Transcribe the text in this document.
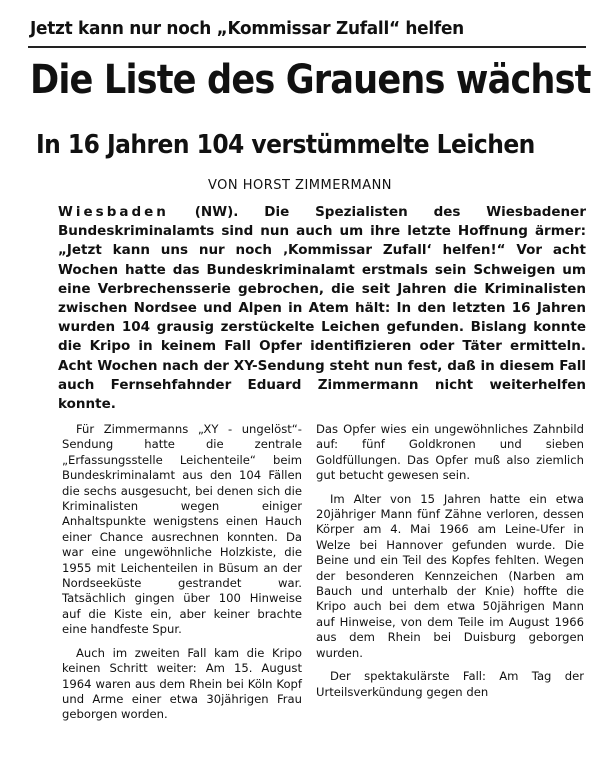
Jetzt kann nur noch „Kommissar Zufall“ helfen
Die Liste des Grauens wächst
In 16 Jahren 104 verstümmelte Leichen
VON HORST ZIMMERMANN
Wiesbaden (NW). Die Spezialisten des Wiesbadener Bundeskriminalamts sind nun auch um ihre letzte Hoffnung ärmer: „Jetzt kann uns nur noch ‚Kommissar Zufall‘ helfen!“ Vor acht Wochen hatte das Bundeskriminalamt erstmals sein Schweigen um eine Verbrechensserie gebrochen, die seit Jahren die Kriminalisten zwischen Nordsee und Alpen in Atem hält: In den letzten 16 Jahren wurden 104 grausig zerstückelte Leichen gefunden. Bislang konnte die Kripo in keinem Fall Opfer identifizieren oder Täter ermitteln. Acht Wochen nach der XY-Sendung steht nun fest, daß in diesem Fall auch Fernsehfahnder Eduard Zimmermann nicht weiterhelfen konnte.

Für Zimmermanns „XY - ungelöst“-Sendung hatte die zentrale „Erfassungsstelle Leichenteile“ beim Bundeskriminalamt aus den 104 Fällen die sechs ausgesucht, bei denen sich die Kriminalisten wegen einiger Anhaltspunkte wenigstens einen Hauch einer Chance ausrechnen konnten. Da war eine ungewöhnliche Holzkiste, die 1955 mit Leichenteilen in Büsum an der Nordseeküste gestrandet war. Tatsächlich gingen über 100 Hinweise auf die Kiste ein, aber keiner brachte eine handfeste Spur.

Auch im zweiten Fall kam die Kripo keinen Schritt weiter: Am 15. August 1964 waren aus dem Rhein bei Köln Kopf und Arme einer etwa 30jährigen Frau geborgen worden.

Das Opfer wies ein ungewöhnliches Zahnbild auf: fünf Goldkronen und sieben Goldfüllungen. Das Opfer muß also ziemlich gut betucht gewesen sein.

Im Alter von 15 Jahren hatte ein etwa 20jähriger Mann fünf Zähne verloren, dessen Körper am 4. Mai 1966 am Leine-Ufer in Welze bei Hannover gefunden wurde. Die Beine und ein Teil des Kopfes fehlten. Wegen der besonderen Kennzeichen (Narben am Bauch und unterhalb der Knie) hoffte die Kripo auch bei dem etwa 50jährigen Mann auf Hinweise, von dem Teile im August 1966 aus dem Rhein bei Duisburg geborgen wurden.

Der spektakulärste Fall: Am Tag der Urteilsverkündung gegen den
